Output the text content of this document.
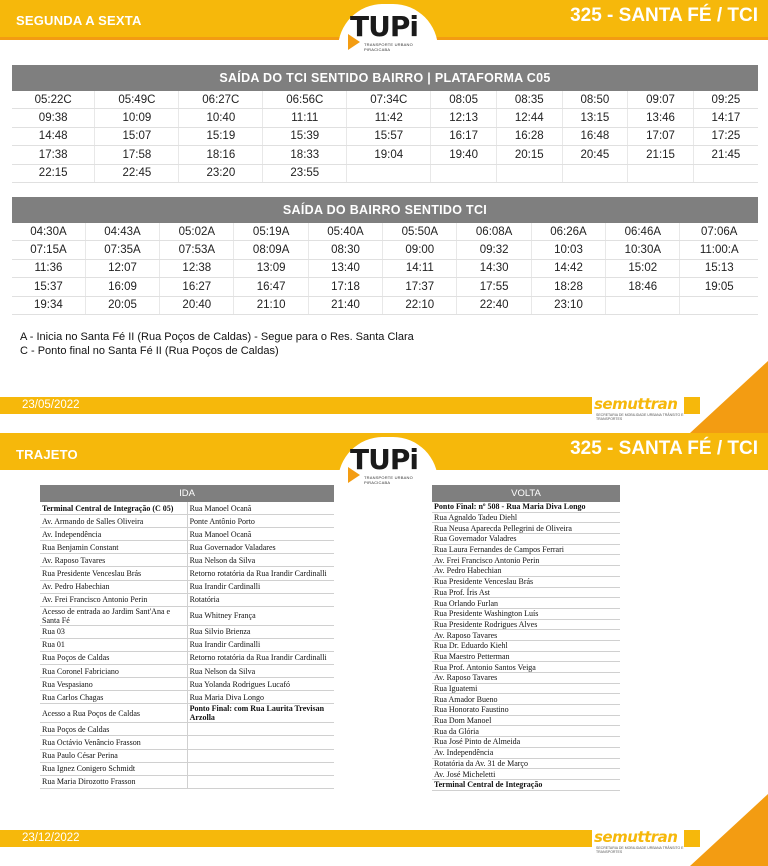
SEGUNDA A SEXTA	325 - SANTA FÉ / TCI
TUPi
TRANSPORTE URBANO PIRACICABA
SAÍDA DO TCI SENTIDO BAIRRO | PLATAFORMA C05									
05:22C	05:49C	06:27C	06:56C	07:34C	08:05	08:35	08:50	09:07	09:25
09:38	10:09	10:40	11:11	11:42	12:13	12:44	13:15	13:46	14:17
14:48	15:07	15:19	15:39	15:57	16:17	16:28	16:48	17:07	17:25
17:38	17:58	18:16	18:33	19:04	19:40	20:15	20:45	21:15	21:45
22:15	22:45	23:20	23:55						
SAÍDA DO BAIRRO SENTIDO TCI									
04:30A	04:43A	05:02A	05:19A	05:40A	05:50A	06:08A	06:26A	06:46A	07:06A
07:15A	07:35A	07:53A	08:09A	08:30	09:00	09:32	10:03	10:30A	11:00:A
11:36	12:07	12:38	13:09	13:40	14:11	14:30	14:42	15:02	15:13
15:37	16:09	16:27	16:47	17:18	17:37	17:55	18:28	18:46	19:05
19:34	20:05	20:40	21:10	21:40	22:10	22:40	23:10		
A - Inicia no Santa Fé II (Rua Poços de Caldas) - Segue para o Res. Santa Clara
C - Ponto final no Santa Fé II (Rua Poços de Caldas)
23/05/2022	semuttran
SECRETARIA DE MOBILIDADE URBANA TRÂNSITO E TRANSPORTES
TRAJETO	325 - SANTA FÉ / TCI
TUPi
TRANSPORTE URBANO PIRACICABA
IDA	
Terminal Central de Integração (C 05)	Rua Manoel Ocanã
Av. Armando de Salles Oliveira	Ponte Antônio Porto
Av. Independência	Rua Manoel Ocanã
Rua Benjamin Constant	Rua Governador Valadares
Av. Raposo Tavares	Rua Nelson da Silva
Rua Presidente Venceslau Brás	Retorno rotatória da Rua Irandir Cardinalli
Av. Pedro Habechian	Rua Irandir Cardinalli
Av. Frei Francisco Antonio Perin	Rotatória
Acesso de entrada ao Jardim Sant'Ana e Santa Fé	Rua Whitney França
Rua 03	Rua Silvio Brienza
Rua 01	Rua Irandir Cardinalli
Rua Poços de Caldas	Retorno rotatória da Rua Irandir Cardinalli
Rua Coronel Fabriciano	Rua Nelson da Silva
Rua Vespasiano	Rua Yolanda Rodrigues Lucafó
Rua Carlos Chagas	Rua Maria Diva Longo
Acesso a Rua Poços de Caldas	Ponto Final: com Rua Laurita Trevisan Arzolla
Rua Poços de Caldas	
Rua Octávio Venâncio Frasson	
Rua Paulo César Perina	
Rua Ignez Conigero Schmidt	
Rua Maria Dirozotto Frasson	
VOLTA
Ponto Final: nº 508 - Rua Maria Diva Longo
Rua Agnaldo Tadeu Diehl
Rua Neusa Aparecda Pellegrini de Oliveira
Rua Governador Valadres
Rua Laura Fernandes de Campos Ferrari
Av. Frei Francisco Antonio Perin
Av. Pedro Habechian
Rua Presidente Venceslau Brás
Rua Prof. Íris Ast
Rua Orlando Furlan
Rua Presidente Washington Luís
Rua Presidente Rodrigues Alves
Av. Raposo Tavares
Rua Dr. Eduardo Kiehl
Rua Maestro Petterman
Rua Prof. Antonio Santos Veiga
Av. Raposo Tavares
Rua Iguatemi
Rua Amador Bueno
Rua Honorato Faustino
Rua Dom Manoel
Rua da Glória
Rua José Pinto de Almeida
Av. Independência
Rotatória da Av. 31 de Março
Av. José Micheletti
Terminal Central de Integração
23/12/2022	semuttran
SECRETARIA DE MOBILIDADE URBANA TRÂNSITO E TRANSPORTES
